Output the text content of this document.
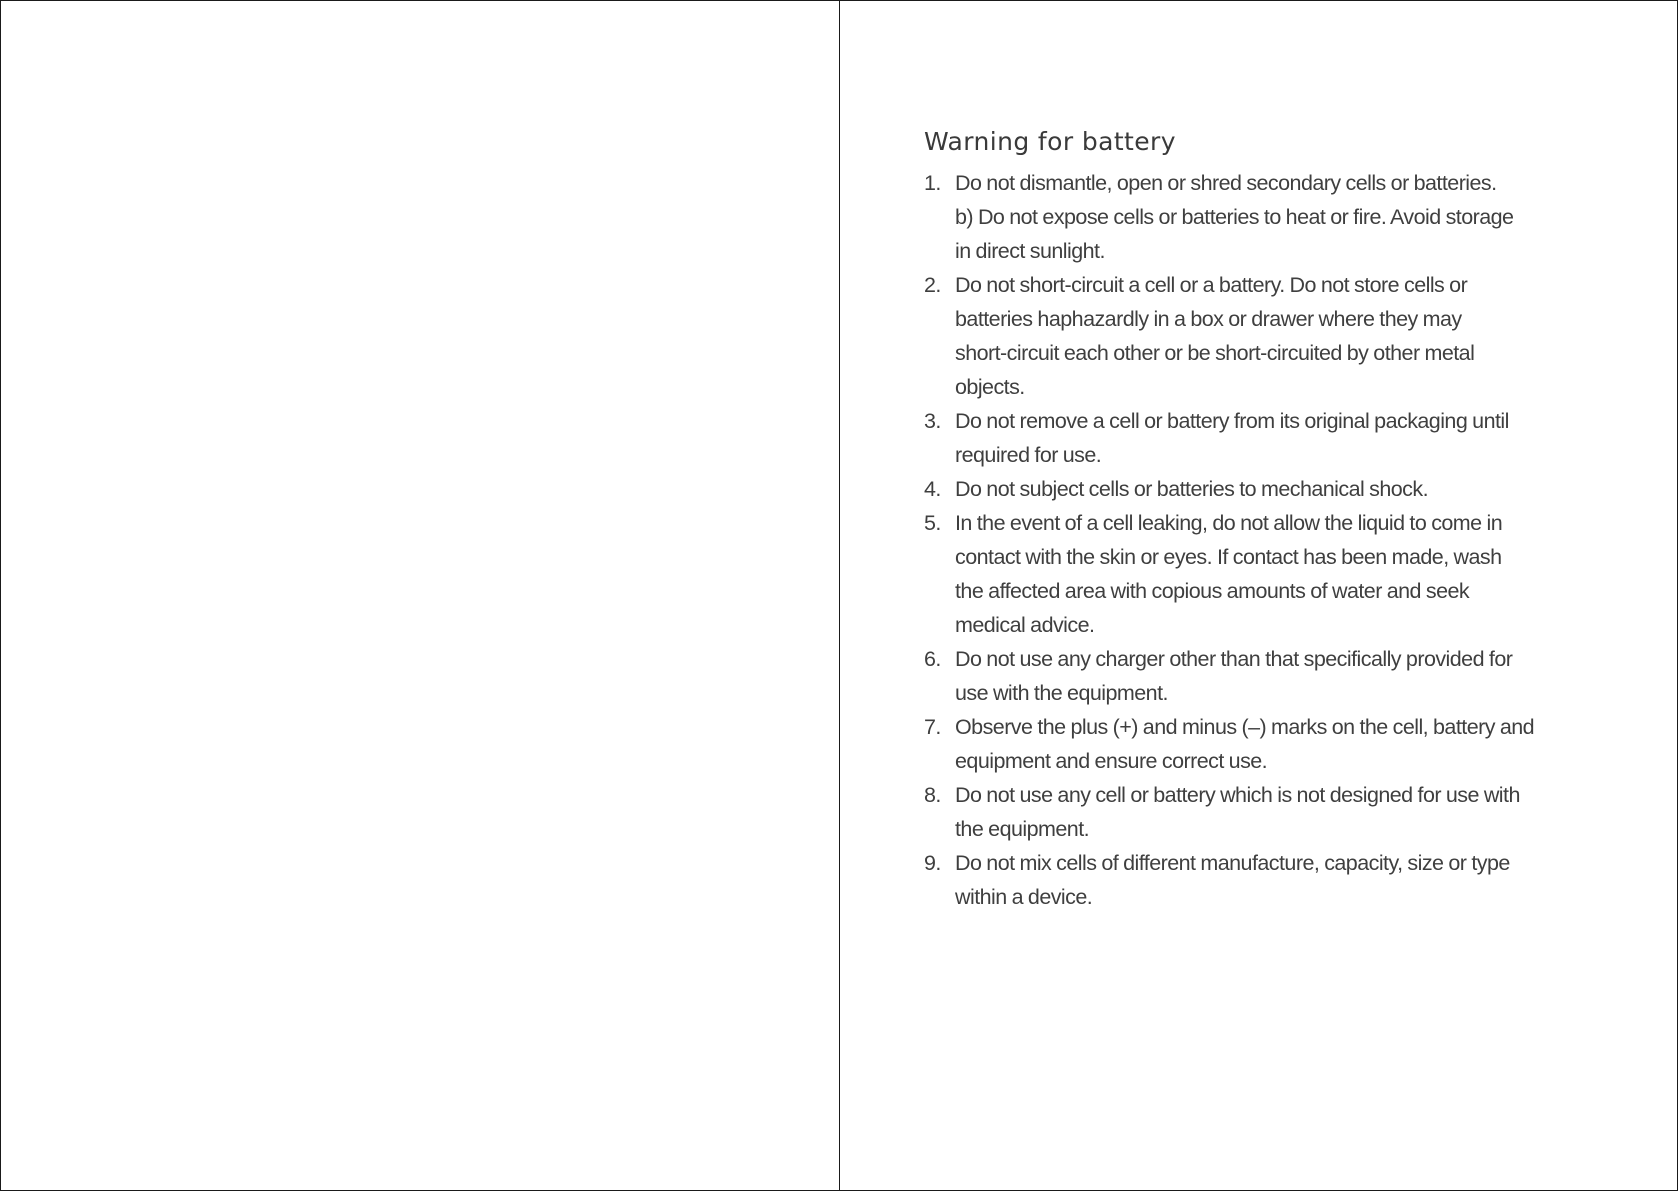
Warning for battery
1. Do not dismantle, open or shred secondary cells or batteries.
b) Do not expose cells or batteries to heat or fire. Avoid storage
in direct sunlight.
2. Do not short-circuit a cell or a battery. Do not store cells or
batteries haphazardly in a box or drawer where they may
short-circuit each other or be short-circuited by other metal
objects.
3. Do not remove a cell or battery from its original packaging until
required for use.
4. Do not subject cells or batteries to mechanical shock.
5. In the event of a cell leaking, do not allow the liquid to come in
contact with the skin or eyes. If contact has been made, wash
the affected area with copious amounts of water and seek
medical advice.
6. Do not use any charger other than that specifically provided for
use with the equipment.
7. Observe the plus (+) and minus (–) marks on the cell, battery and
equipment and ensure correct use.
8. Do not use any cell or battery which is not designed for use with
the equipment.
9. Do not mix cells of different manufacture, capacity, size or type
within a device.
